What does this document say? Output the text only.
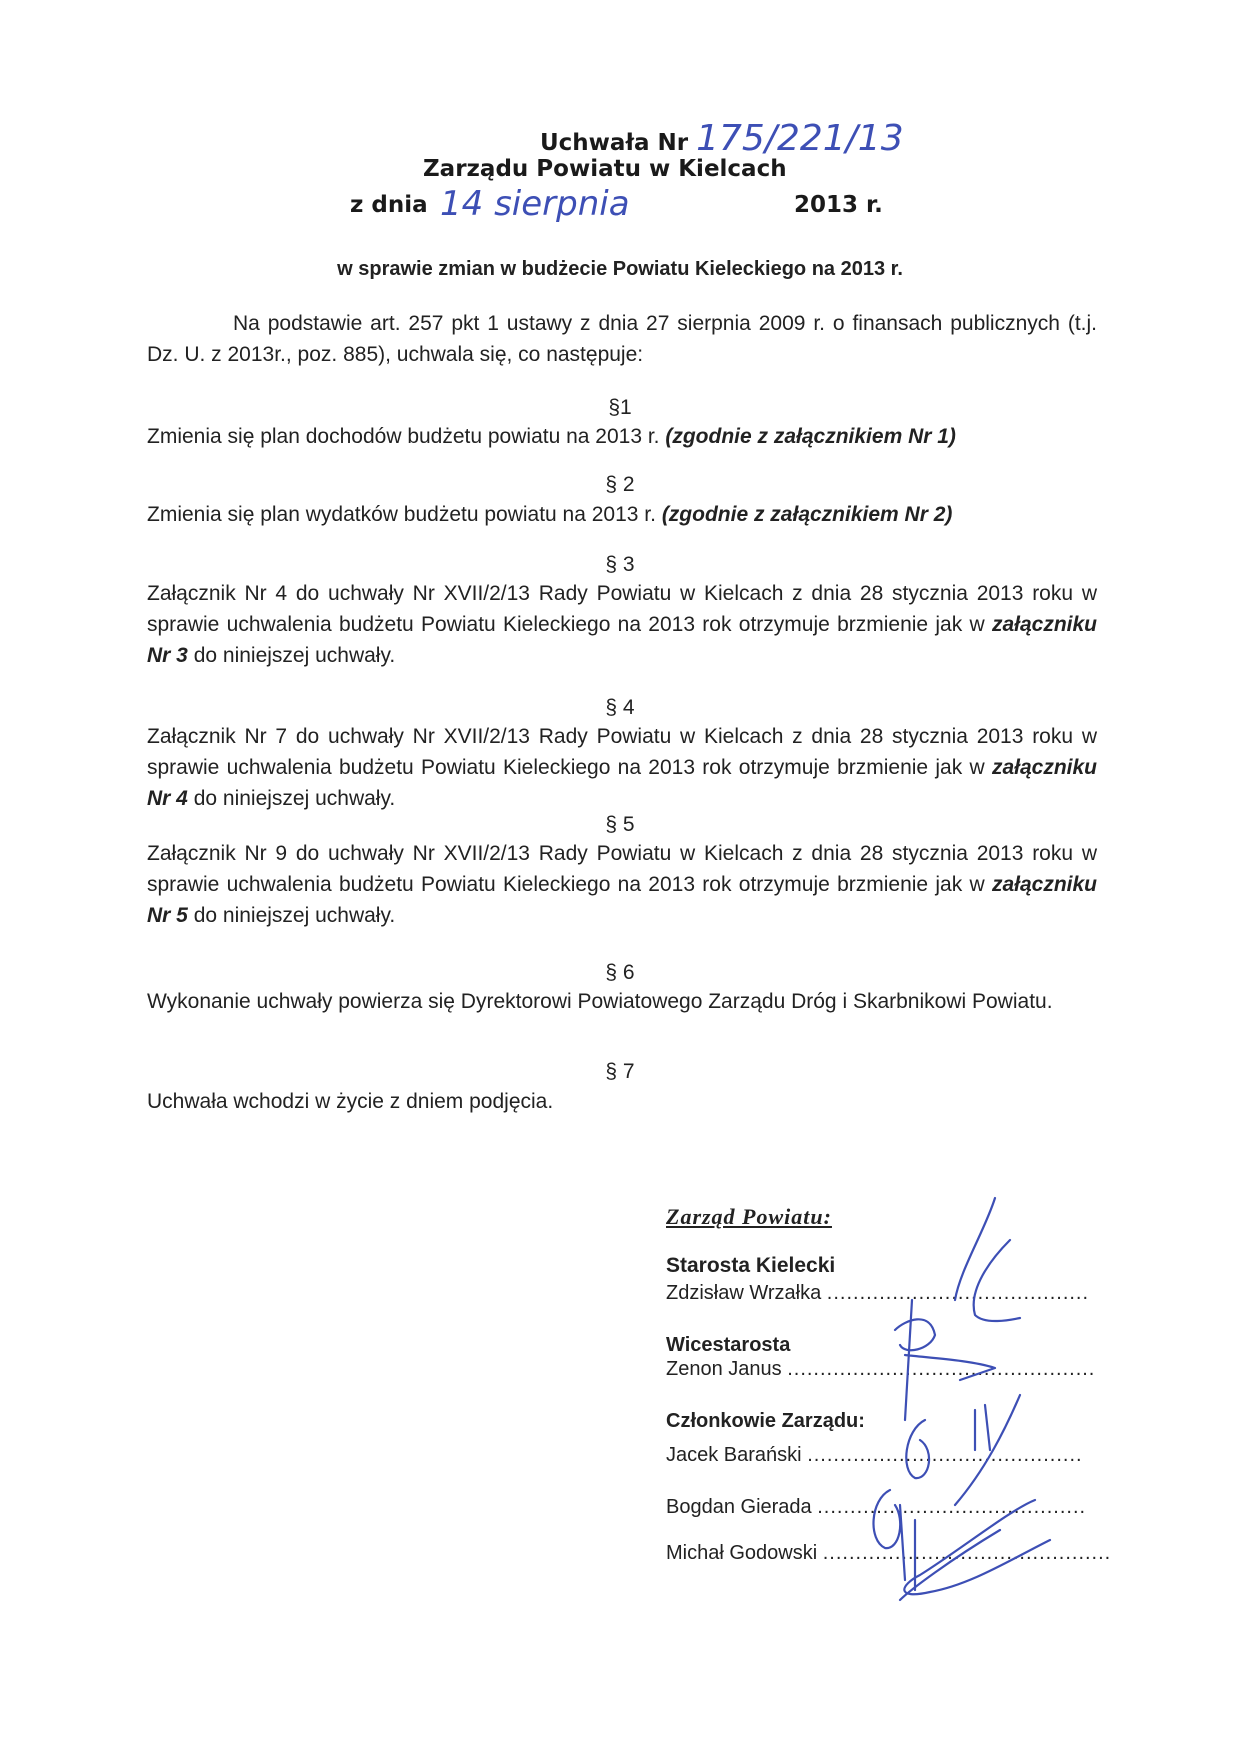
Uchwała Nr 175/221/13
Zarządu Powiatu w Kielcach
z dnia 14 sierpnia	2013 r.
w sprawie zmian w budżecie Powiatu Kieleckiego na 2013 r.
Na podstawie art. 257 pkt 1 ustawy z dnia 27 sierpnia 2009 r. o finansach publicznych (t.j. Dz. U. z 2013r., poz. 885), uchwala się, co następuje:
§1
Zmienia się plan dochodów budżetu powiatu na 2013 r. (zgodnie z załącznikiem Nr 1)
§ 2
Zmienia się plan wydatków budżetu powiatu na 2013 r. (zgodnie z załącznikiem Nr 2)
§ 3
Załącznik Nr 4 do uchwały Nr XVII/2/13 Rady Powiatu w Kielcach z dnia 28 stycznia 2013 roku w sprawie uchwalenia budżetu Powiatu Kieleckiego na 2013 rok otrzymuje brzmienie jak w załączniku Nr 3 do niniejszej uchwały.
§ 4
Załącznik Nr 7 do uchwały Nr XVII/2/13 Rady Powiatu w Kielcach z dnia 28 stycznia 2013 roku w sprawie uchwalenia budżetu Powiatu Kieleckiego na 2013 rok otrzymuje brzmienie jak w załączniku Nr 4 do niniejszej uchwały.
§ 5
Załącznik Nr 9 do uchwały Nr XVII/2/13 Rady Powiatu w Kielcach z dnia 28 stycznia 2013 roku w sprawie uchwalenia budżetu Powiatu Kieleckiego na 2013 rok otrzymuje brzmienie jak w załączniku Nr 5 do niniejszej uchwały.
§ 6
Wykonanie uchwały powierza się Dyrektorowi Powiatowego Zarządu Dróg i Skarbnikowi Powiatu.
§ 7
Uchwała wchodzi w życie z dniem podjęcia.
Zarząd Powiatu:
Starosta Kielecki
Zdzisław Wrzałka ........................................
Wicestarosta
Zenon Janus ...............................................
Członkowie Zarządu:
Jacek Barański ..........................................
Bogdan Gierada .........................................
Michał Godowski ............................................
